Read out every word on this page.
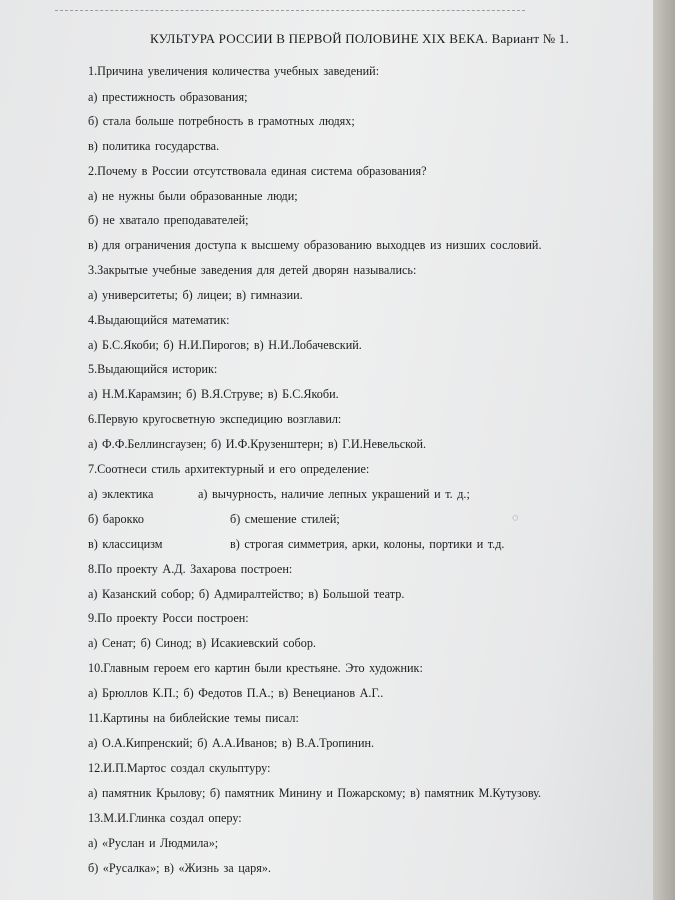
КУЛЬТУРА РОССИИ В ПЕРВОЙ ПОЛОВИНЕ XIX ВЕКА. Вариант № 1.
1.Причина увеличения количества учебных заведений:
а) престижность образования;
б) стала больше потребность в грамотных людях;
в) политика государства.
2.Почему в России отсутствовала единая система образования?
а) не нужны были образованные люди;
б) не хватало преподавателей;
в) для ограничения доступа к высшему образованию выходцев из низших сословий.
3.Закрытые учебные заведения для детей дворян назывались:
а) университеты; б) лицеи; в) гимназии.
4.Выдающийся математик:
а) Б.С.Якоби; б) Н.И.Пирогов; в) Н.И.Лобачевский.
5.Выдающийся историк:
а) Н.М.Карамзин; б) В.Я.Струве; в) Б.С.Якоби.
6.Первую кругосветную экспедицию возглавил:
а) Ф.Ф.Беллинсгаузен; б) И.Ф.Крузенштерн; в) Г.И.Невельской.
7.Соотнеси стиль архитектурный и его определение:
а) эклектика	а) вычурность, наличие лепных украшений и т. д.;
б) барокко	б) смешение стилей;	◌
в) классицизм	в) строгая симметрия, арки, колоны, портики и т.д.
8.По проекту А.Д. Захарова построен:
а) Казанский собор; б) Адмиралтейство; в) Большой театр.
9.По проекту Росси построен:
а) Сенат; б) Синод; в) Исакиевский собор.
10.Главным героем его картин были крестьяне. Это художник:
а) Брюллов К.П.; б) Федотов П.А.; в) Венецианов А.Г..
11.Картины на библейские темы писал:
а) О.А.Кипренский; б) А.А.Иванов; в) В.А.Тропинин.
12.И.П.Мартос создал скульптуру:
а) памятник Крылову; б) памятник Минину и Пожарскому; в) памятник М.Кутузову.
13.М.И.Глинка создал оперу:
а) «Руслан и Людмила»;
б) «Русалка»; в) «Жизнь за царя».
